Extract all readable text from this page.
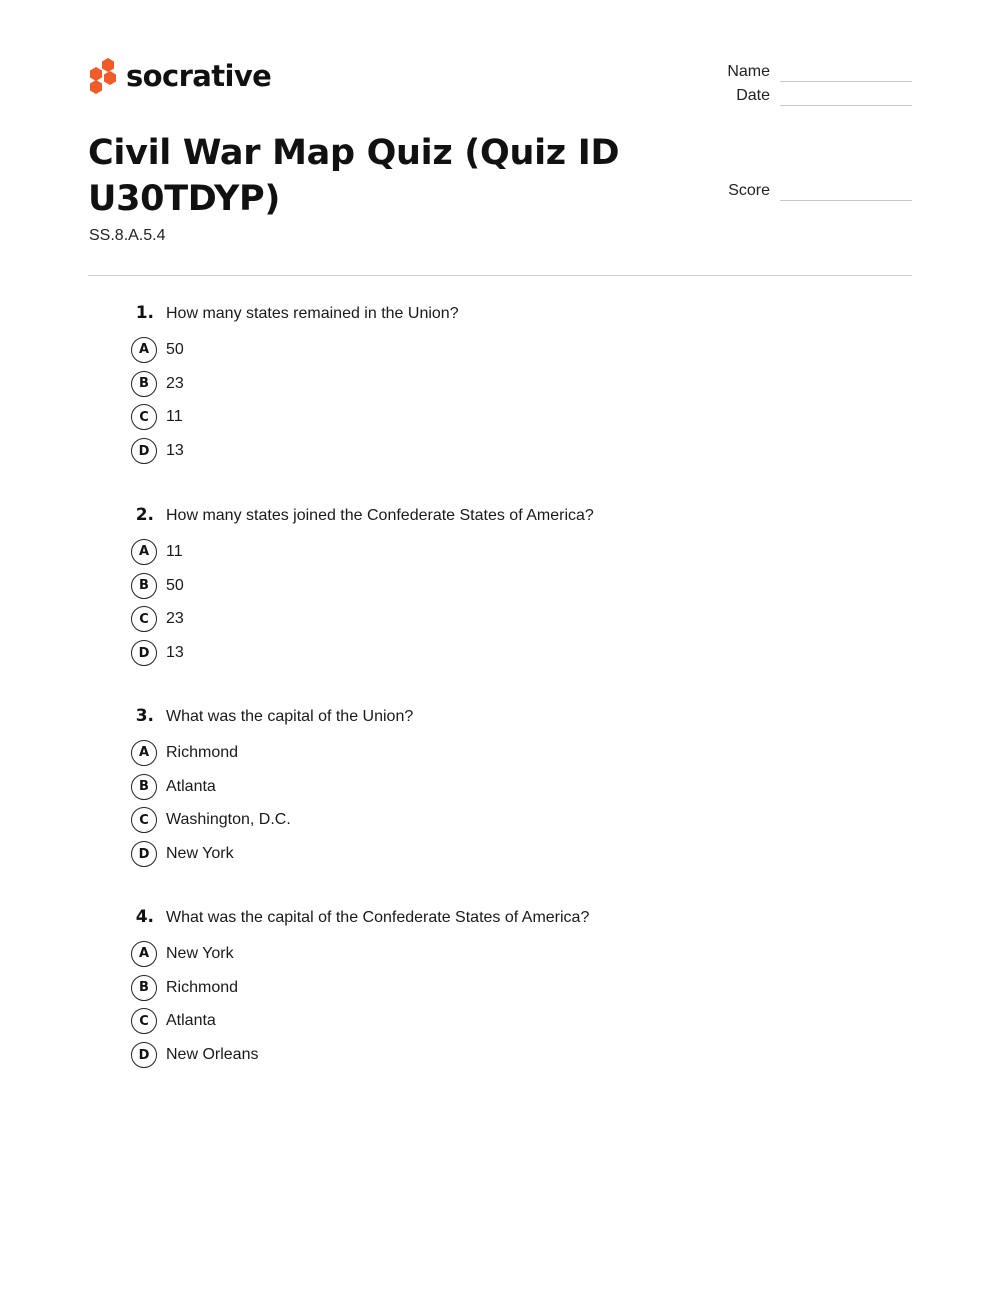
socrative
Civil War Map Quiz (Quiz ID U30TDYP)
SS.8.A.5.4
Name
Date
Score
1. How many states remained in the Union?
A	50
B	23
C	11
D	13
2. How many states joined the Confederate States of America?
A	11
B	50
C	23
D	13
3. What was the capital of the Union?
A	Richmond
B	Atlanta
C	Washington, D.C.
D	New York
4. What was the capital of the Confederate States of America?
A	New York
B	Richmond
C	Atlanta
D	New Orleans
